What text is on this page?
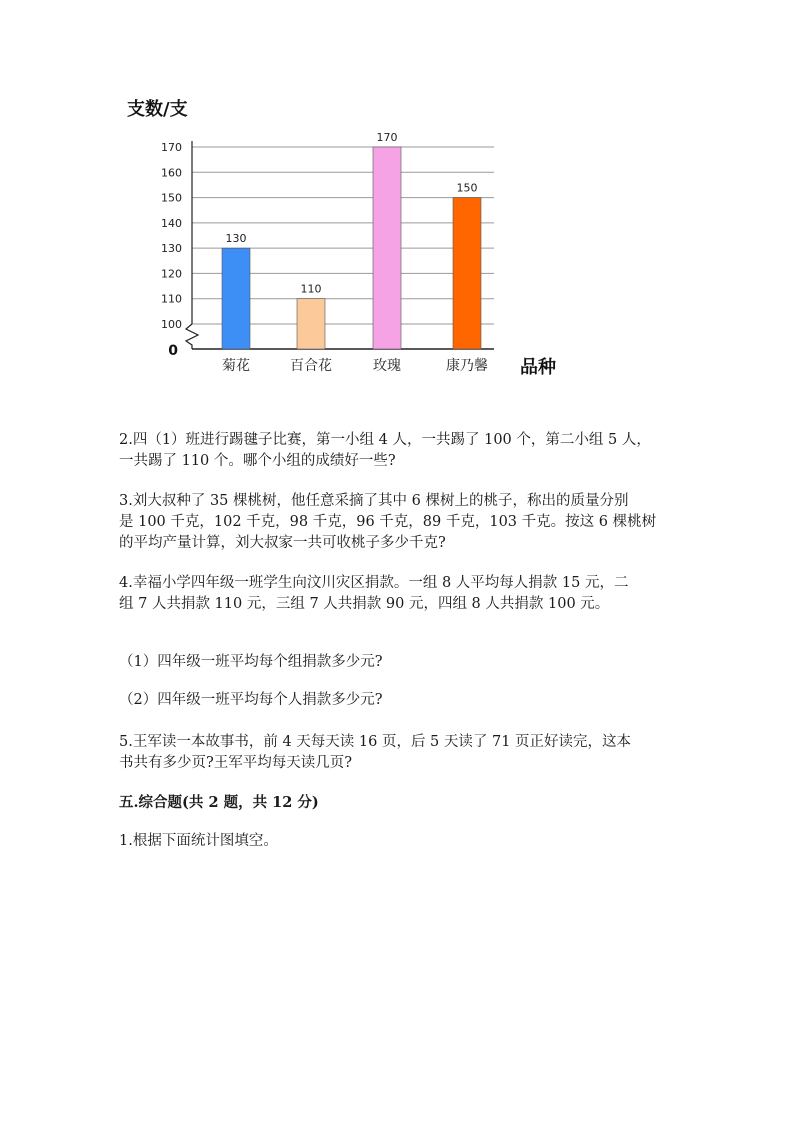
100
110
120
130
140
150
160
170
130
菊花
110
百合花
170
玫瑰
150
康乃馨
支数/支
品种
0

2.四（1）班进行踢毽子比赛，第一小组 4 人，一共踢了 100 个，第二小组 5 人，
一共踢了 110 个。哪个小组的成绩好一些?

3.刘大叔种了 35 棵桃树，他任意采摘了其中 6 棵树上的桃子，称出的质量分别
是 100 千克，102 千克，98 千克，96 千克，89 千克，103 千克。按这 6 棵桃树
的平均产量计算，刘大叔家一共可收桃子多少千克?

4.幸福小学四年级一班学生向汶川灾区捐款。一组 8 人平均每人捐款 15 元，二
组 7 人共捐款 110 元，三组 7 人共捐款 90 元，四组 8 人共捐款 100 元。

（1）四年级一班平均每个组捐款多少元?

（2）四年级一班平均每个人捐款多少元?

5.王军读一本故事书，前 4 天每天读 16 页，后 5 天读了 71 页正好读完，这本
书共有多少页?王军平均每天读几页?

五.综合题(共 2 题，共 12 分)

1.根据下面统计图填空。
